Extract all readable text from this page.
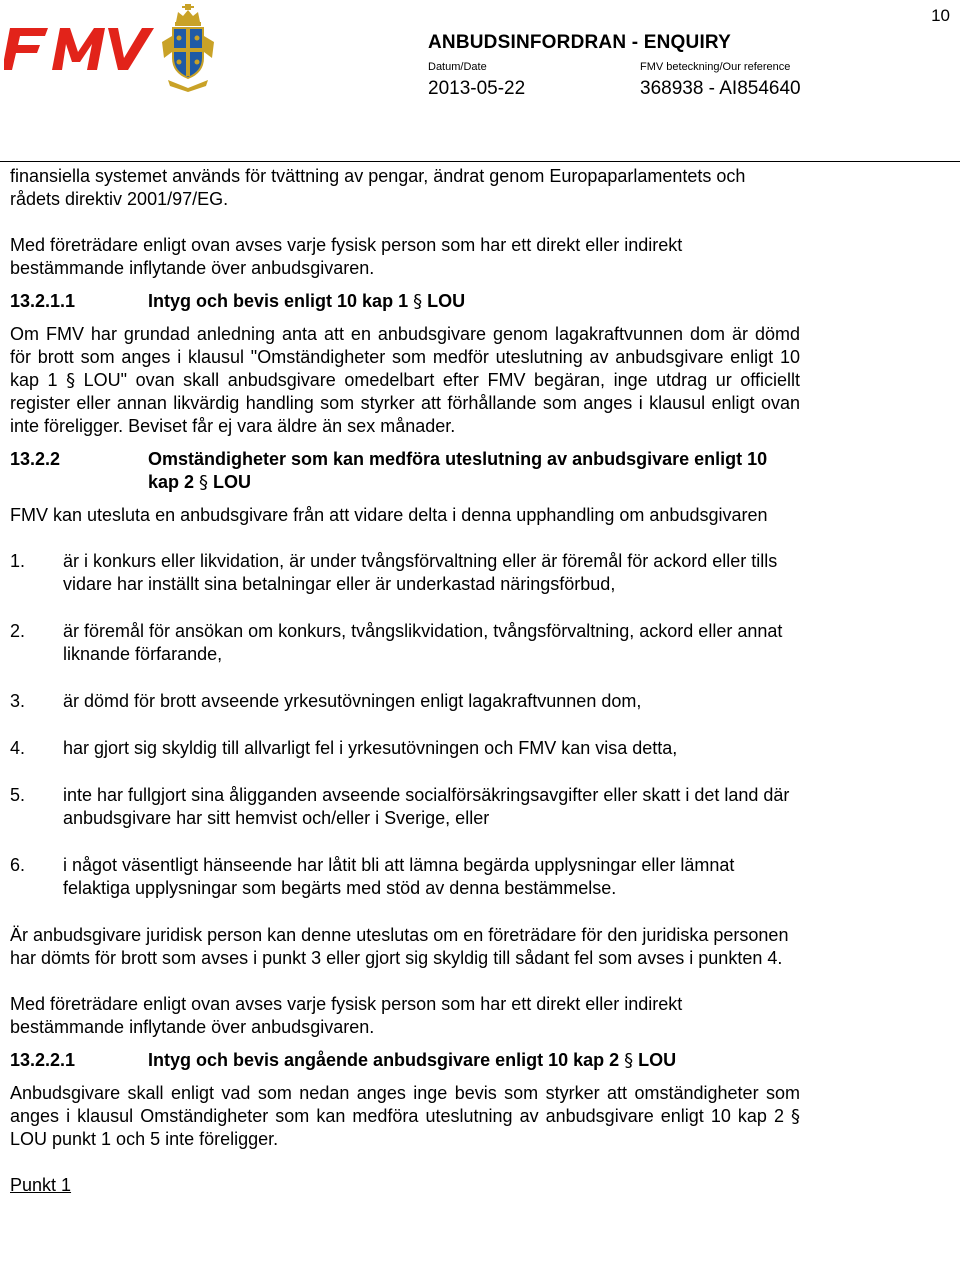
10
ANBUDSINFORDRAN - ENQUIRY
Datum/Date	FMV beteckning/Our reference
2013-05-22	368938 - AI854640

finansiella systemet används för tvättning av pengar, ändrat genom Europaparlamentets och rådets direktiv 2001/97/EG.

Med företrädare enligt ovan avses varje fysisk person som har ett direkt eller indirekt bestämmande inflytande över anbudsgivaren.

13.2.1.1	Intyg och bevis enligt 10 kap 1 § LOU

Om FMV har grundad anledning anta att en anbudsgivare genom lagakraftvunnen dom är dömd för brott som anges i klausul "Omständigheter som medför uteslutning av anbudsgivare enligt 10 kap 1 § LOU" ovan skall anbudsgivare omedelbart efter FMV begäran, inge utdrag ur officiellt register eller annan likvärdig handling som styrker att förhållande som anges i klausul enligt ovan inte föreligger. Beviset får ej vara äldre än sex månader.

13.2.2	Omständigheter som kan medföra uteslutning av anbudsgivare enligt 10 kap 2 § LOU

FMV kan utesluta en anbudsgivare från att vidare delta i denna upphandling om anbudsgivaren

1.	är i konkurs eller likvidation, är under tvångsförvaltning eller är föremål för ackord eller tills vidare har inställt sina betalningar eller är underkastad näringsförbud,
2.	är föremål för ansökan om konkurs, tvångslikvidation, tvångsförvaltning, ackord eller annat liknande förfarande,
3.	är dömd för brott avseende yrkesutövningen enligt lagakraftvunnen dom,
4.	har gjort sig skyldig till allvarligt fel i yrkesutövningen och FMV kan visa detta,
5.	inte har fullgjort sina åligganden avseende socialförsäkringsavgifter eller skatt i det land där anbudsgivare har sitt hemvist och/eller i Sverige, eller
6.	i något väsentligt hänseende har låtit bli att lämna begärda upplysningar eller lämnat felaktiga upplysningar som begärts med stöd av denna bestämmelse.

Är anbudsgivare juridisk person kan denne uteslutas om en företrädare för den juridiska personen har dömts för brott som avses i punkt 3 eller gjort sig skyldig till sådant fel som avses i punkten 4.

Med företrädare enligt ovan avses varje fysisk person som har ett direkt eller indirekt bestämmande inflytande över anbudsgivaren.

13.2.2.1	Intyg och bevis angående anbudsgivare enligt 10 kap 2 § LOU

Anbudsgivare skall enligt vad som nedan anges inge bevis som styrker att omständigheter som anges i klausul Omständigheter som kan medföra uteslutning av anbudsgivare enligt 10 kap 2 § LOU punkt 1 och 5 inte föreligger.

Punkt 1
